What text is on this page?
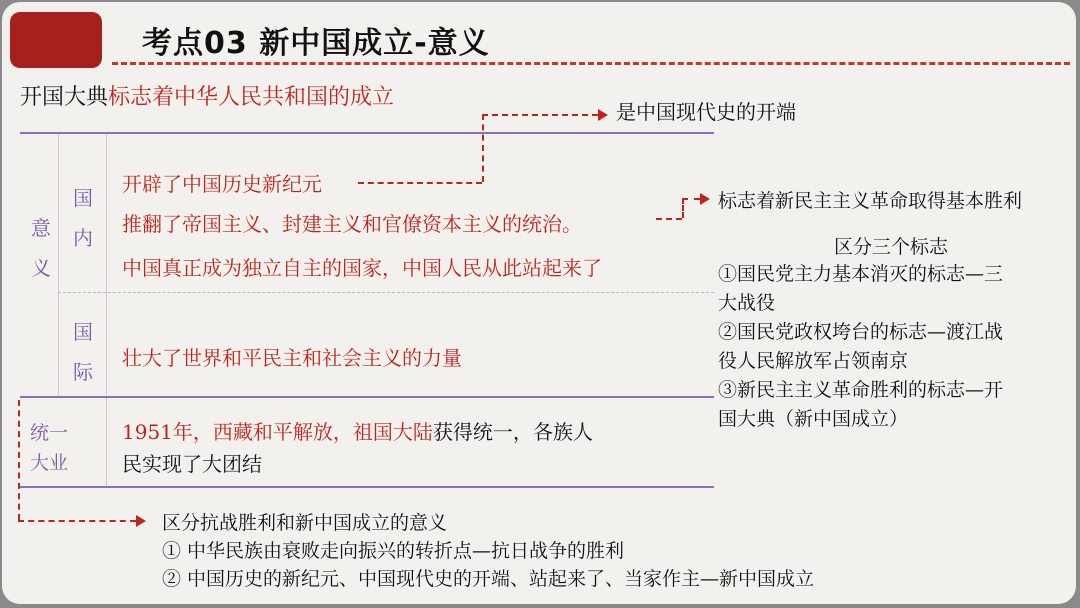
考点03 新中国成立-意义
开国大典标志着中华人民共和国的成立
是中国现代史的开端
意
义
国
内
国
际
开辟了中国历史新纪元
推翻了帝国主义、封建主义和官僚资本主义的统治。
中国真正成为独立自主的国家，中国人民从此站起来了
壮大了世界和平民主和社会主义的力量
统一
大业
1951年，西藏和平解放，祖国大陆获得统一，各族人
民实现了大团结
标志着新民主主义革命取得基本胜利
区分三个标志
①国民党主力基本消灭的标志—三
大战役
②国民党政权垮台的标志—渡江战
役人民解放军占领南京
③新民主主义革命胜利的标志—开
国大典（新中国成立）
区分抗战胜利和新中国成立的意义
① 中华民族由衰败走向振兴的转折点—抗日战争的胜利
② 中国历史的新纪元、中国现代史的开端、站起来了、当家作主—新中国成立
